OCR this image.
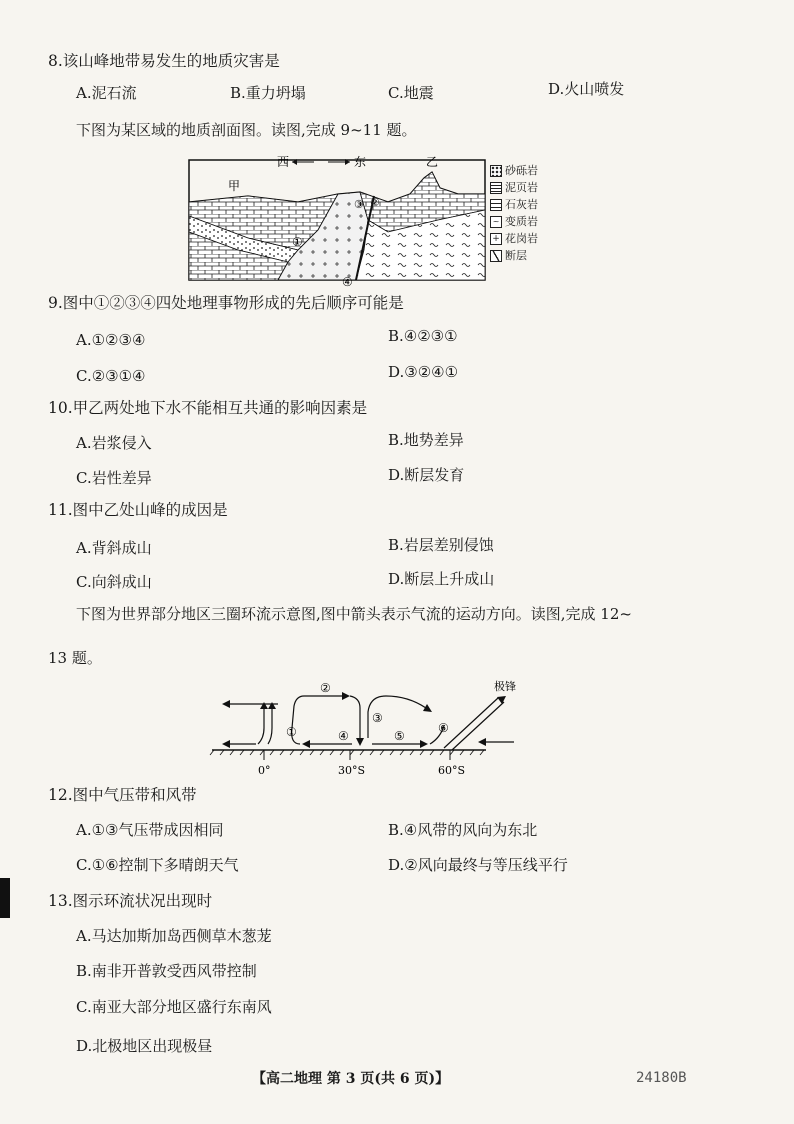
8.该山峰地带易发生的地质灾害是
A.泥石流	B.重力坍塌	C.地震	D.火山喷发
下图为某区域的地质剖面图。读图,完成 9~11 题。
西	东
甲
乙
①
②
③
④
砂砾岩
泥页岩
石灰岩
~ 变质岩
+ 花岗岩
断层
9.图中①②③④四处地理事物形成的先后顺序可能是
A.①②③④	B.④②③①
C.②③①④	D.③②④①
10.甲乙两处地下水不能相互共通的影响因素是
A.岩浆侵入	B.地势差异
C.岩性差异	D.断层发育
11.图中乙处山峰的成因是
A.背斜成山	B.岩层差别侵蚀
C.向斜成山	D.断层上升成山
下图为世界部分地区三圈环流示意图,图中箭头表示气流的运动方向。读图,完成 12~
13 题。
①
②
③
④	⑤
⑥
极锋
0°	30°S	60°S
12.图中气压带和风带
A.①③气压带成因相同	B.④风带的风向为东北
C.①⑥控制下多晴朗天气	D.②风向最终与等压线平行
13.图示环流状况出现时
A.马达加斯加岛西侧草木葱茏
B.南非开普敦受西风带控制
C.南亚大部分地区盛行东南风
D.北极地区出现极昼
【高二地理 第 3 页(共 6 页)】	24180B
